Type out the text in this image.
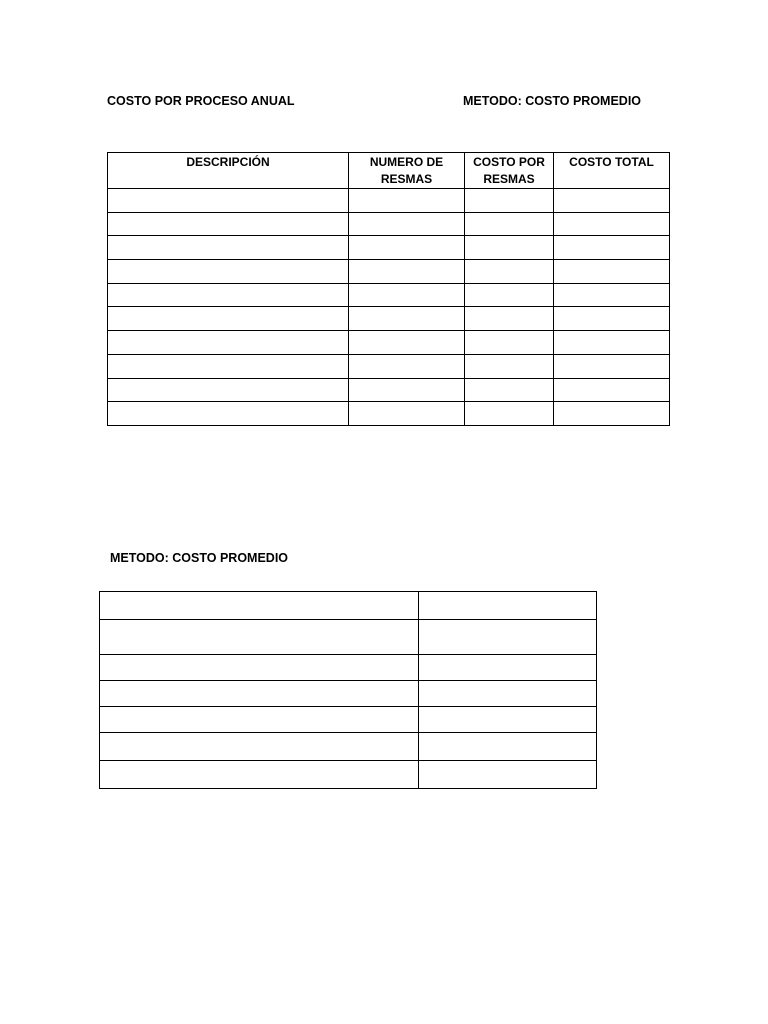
COSTO POR PROCESO ANUAL	METODO: COSTO PROMEDIO
DESCRIPCIÓN	NUMERO DE RESMAS	COSTO POR RESMAS	COSTO TOTAL

METODO: COSTO PROMEDIO
